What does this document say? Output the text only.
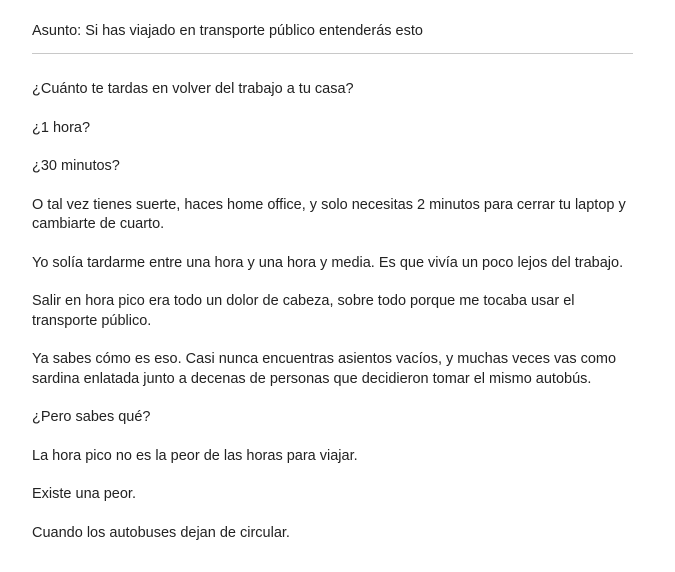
Asunto: Si has viajado en transporte público entenderás esto

¿Cuánto te tardas en volver del trabajo a tu casa?

¿1 hora?

¿30 minutos?

O tal vez tienes suerte, haces home office, y solo necesitas 2 minutos para cerrar tu laptop y cambiarte de cuarto.

Yo solía tardarme entre una hora y una hora y media. Es que vivía un poco lejos del trabajo.

Salir en hora pico era todo un dolor de cabeza, sobre todo porque me tocaba usar el transporte público.

Ya sabes cómo es eso. Casi nunca encuentras asientos vacíos, y muchas veces vas como sardina enlatada junto a decenas de personas que decidieron tomar el mismo autobús.

¿Pero sabes qué?

La hora pico no es la peor de las horas para viajar.

Existe una peor.

Cuando los autobuses dejan de circular.
